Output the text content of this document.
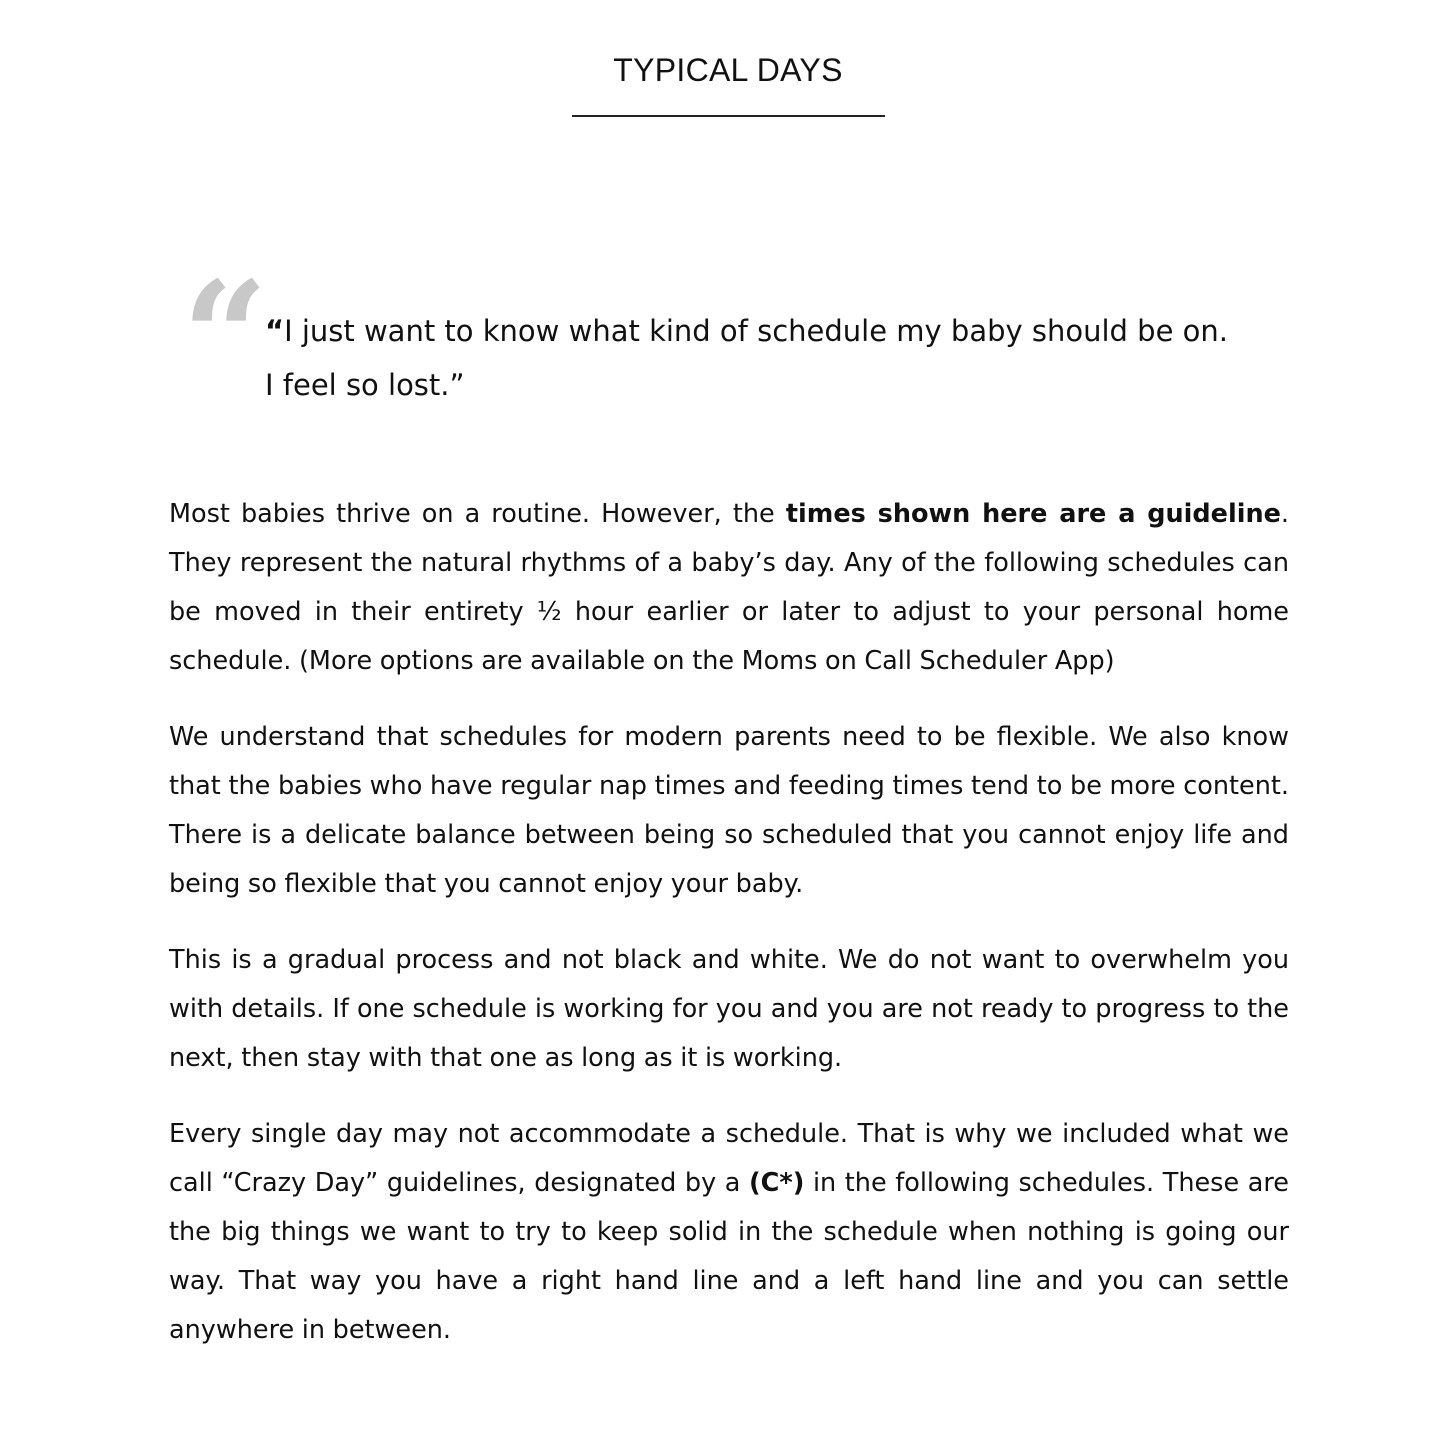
TYPICAL DAYS
“
“I just want to know what kind of schedule my baby should be on.
I feel so lost.”

Most babies thrive on a routine. However, the times shown here are a guideline. They represent the natural rhythms of a baby’s day. Any of the following schedules can be moved in their entirety ½ hour earlier or later to adjust to your personal home schedule. (More options are available on the Moms on Call Scheduler App)

We understand that schedules for modern parents need to be flexible. We also know that the babies who have regular nap times and feeding times tend to be more content. There is a delicate balance between being so scheduled that you cannot enjoy life and being so flexible that you cannot enjoy your baby.

This is a gradual process and not black and white. We do not want to overwhelm you with details. If one schedule is working for you and you are not ready to progress to the next, then stay with that one as long as it is working.

Every single day may not accommodate a schedule. That is why we included what we call “Crazy Day” guidelines, designated by a (C*) in the following schedules. These are the big things we want to try to keep solid in the schedule when nothing is going our way. That way you have a right hand line and a left hand line and you can settle anywhere in between.
